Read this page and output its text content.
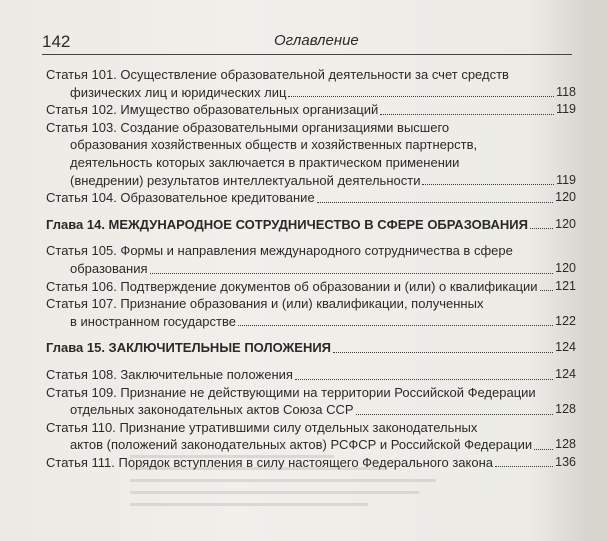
142	Оглавление
Статья 101. Осуществление образовательной деятельности за счет средств
физических лиц и юридических лиц	118
Статья 102. Имущество образовательных организаций	119
Статья 103. Создание образовательными организациями высшего
образования хозяйственных обществ и хозяйственных партнерств,
деятельность которых заключается в практическом применении
(внедрении) результатов интеллектуальной деятельности	119
Статья 104. Образовательное кредитование	120
Глава 14. МЕЖДУНАРОДНОЕ СОТРУДНИЧЕСТВО В СФЕРЕ ОБРАЗОВАНИЯ 120
Статья 105. Формы и направления международного сотрудничества в сфере
образования	120
Статья 106. Подтверждение документов об образовании и (или) о квалификации 121
Статья 107. Признание образования и (или) квалификации, полученных
в иностранном государстве	122
Глава 15. ЗАКЛЮЧИТЕЛЬНЫЕ ПОЛОЖЕНИЯ	124
Статья 108. Заключительные положения	124
Статья 109. Признание не действующими на территории Российской Федерации
отдельных законодательных актов Союза ССР	128
Статья 110. Признание утратившими силу отдельных законодательных
актов (положений законодательных актов) РСФСР и Российской Федерации 128
Статья 111. Порядок вступления в силу настоящего Федерального закона	136
